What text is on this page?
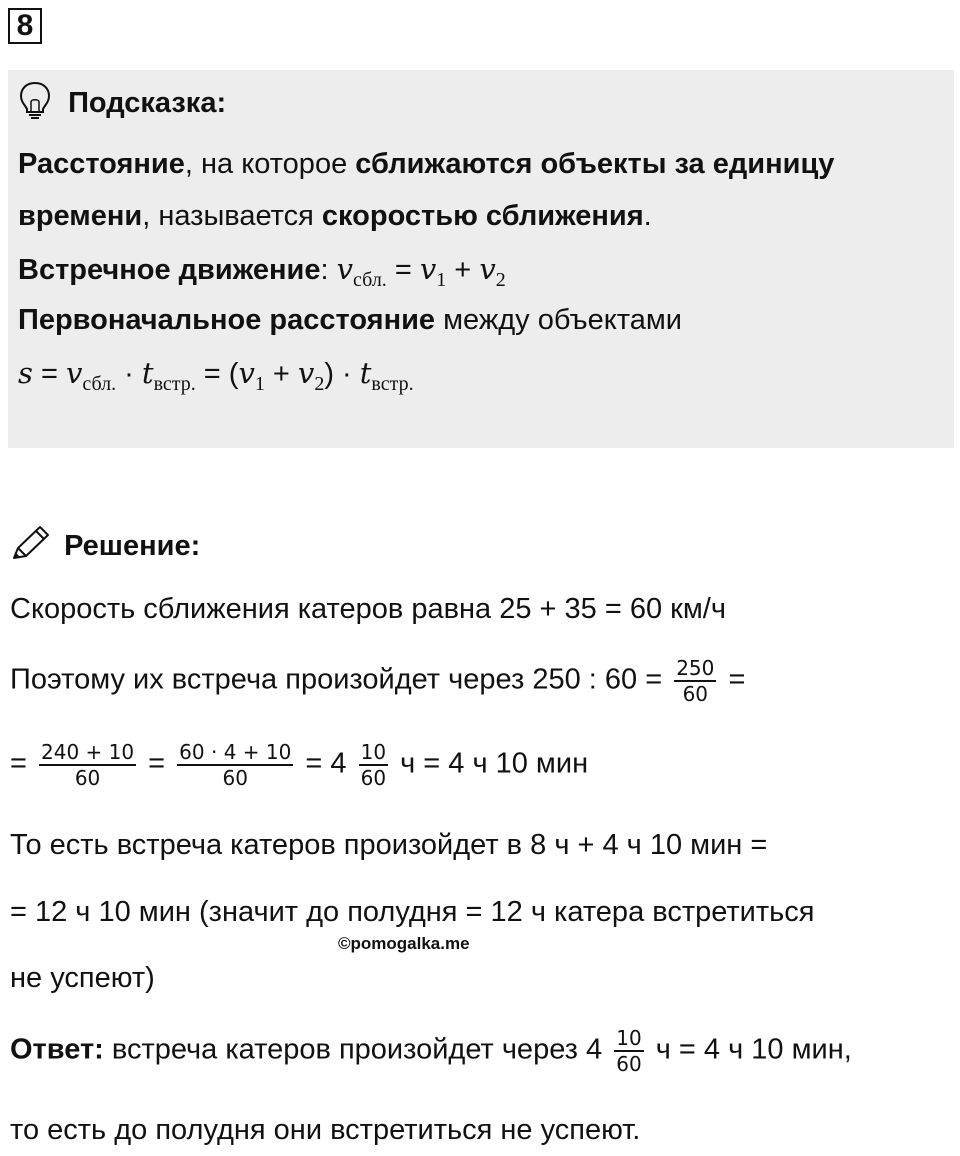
8
Подсказка:
Расстояние, на которое сближаются объекты за единицу
времени, называется скоростью сближения.
Встречное движение: $v_{сбл.} = v_1 + v_2$
Первоначальное расстояние между объектами
$s = v_{сбл.} \cdot t_{встр.} = (v_1 + v_2) \cdot t_{встр.}$
Решение:
Скорость сближения катеров равна 25 + 35 = 60 км/ч
Поэтому их встреча произойдет через 250 : $60 = \frac{250}{60}$ =
= $\frac{240 + 10}{60} = \frac{60 \cdot 4 + 10}{60} = 4 \frac{10}{60}$ ч = 4 ч 10 мин
То есть встреча катеров произойдет в 8 ч + 4 ч 10 мин =
= 12 ч 10 мин (значит до полудня = 12 ч катера встретиться
©pomogalka.me
не успеют)
Ответ: встреча катеров произойдет через $4 \frac{10}{60}$ ч = 4 ч 10 мин,
то есть до полудня они встретиться не успеют.
